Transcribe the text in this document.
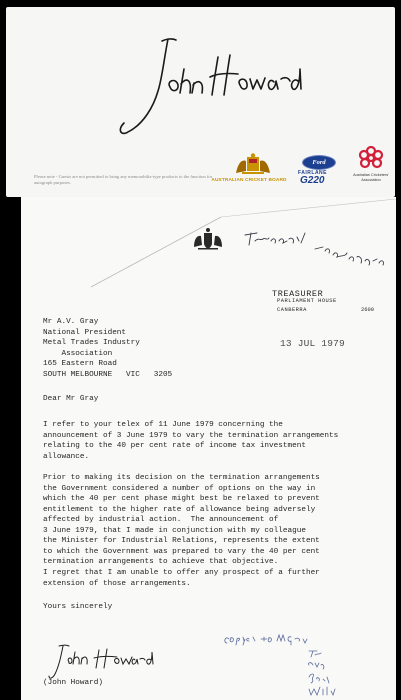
Please note - Guests are not permitted to bring any memorabilia-type products to the function for autograph purposes.	AUSTRALIAN CRICKET BOARD
Ford
FAIRLANE
G220	Australian Cricketers' Association
TREASURER
PARLIAMENT HOUSE
CANBERRA	2600
13 JUL 1979
Mr A.V. Gray
National President
Metal Trades Industry
Association
165 Eastern Road
SOUTH MELBOURNE   VIC   3205
Dear Mr Gray
I refer to your telex of 11 June 1979 concerning the
announcement of 3 June 1979 to vary the termination arrangements
relating to the 40 per cent rate of income tax investment
allowance.
Prior to making its decision on the termination arrangements
the Government considered a number of options on the way in
which the 40 per cent phase might best be relaxed to prevent
entitlement to the higher rate of allowance being adversely
affected by industrial action.  The announcement of
3 June 1979, that I made in conjunction with my colleague
the Minister for Industrial Relations, represents the extent
to which the Government was prepared to vary the 40 per cent
termination arrangements to achieve that objective.
I regret that I am unable to offer any prospect of a further
extension of those arrangements.
Yours sincerely
(John Howard)
